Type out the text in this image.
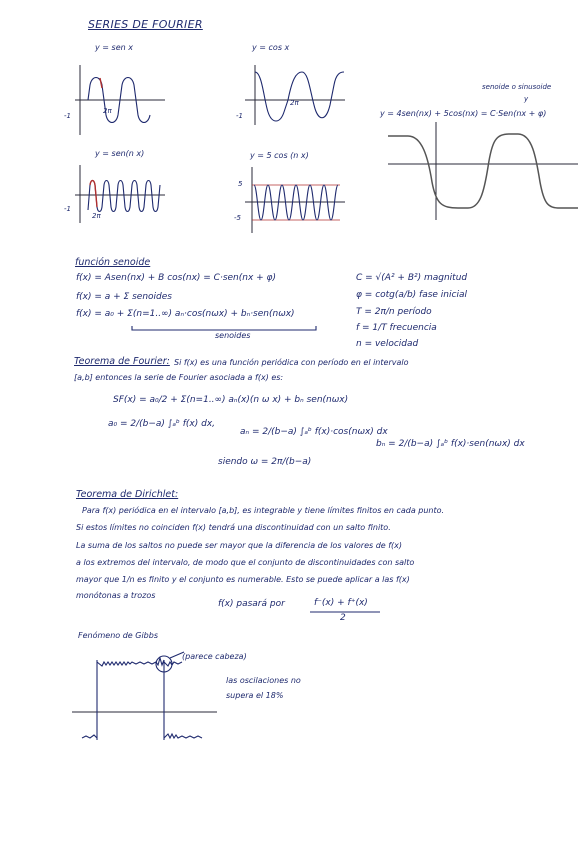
SERIES DE FOURIER
y = sen x
-1
2π
y = cos x
-1
2π
y = sen(n x)
-1
2π
y = 5 cos (n x)
5
-5
senoide o sinusoide
y
y = 4sen(nx) + 5cos(nx) = C·Sen(nx + φ)
función senoide
f(x) = Asen(nx) + B cos(nx) = C·sen(nx + φ)
f(x) = a + Σ senoides
f(x) = a₀ + Σ(n=1..∞) aₙ·cos(nωx) + bₙ·sen(nωx)
senoides
C = √(A² + B²) magnitud
φ = cotg(a/b) fase inicial
T = 2π/n período
f = 1/T frecuencia
n = velocidad
Teorema de Fourier: Si f(x) es una función periódica con período en el intervalo
[a,b] entonces la serie de Fourier asociada a f(x) es:
SF(x) = a₀/2 + Σ(n=1..∞) aₙ(x)(n ω x) + bₙ sen(nωx)
a₀ = 2/(b−a) ∫ₐᵇ f(x) dx,
aₙ = 2/(b−a) ∫ₐᵇ f(x)·cos(nωx) dx
bₙ = 2/(b−a) ∫ₐᵇ f(x)·sen(nωx) dx
siendo ω = 2π/(b−a)
Teorema de Dirichlet:
Para f(x) periódica en el intervalo [a,b], es integrable y tiene límites finitos en cada punto.
Si estos límites no coinciden f(x) tendrá una discontinuidad con un salto finito.
La suma de los saltos no puede ser mayor que la diferencia de los valores de f(x)
a los extremos del intervalo, de modo que el conjunto de discontinuidades con salto
mayor que 1/n es finito y el conjunto es numerable. Esto se puede aplicar a las f(x)
monótonas a trozos
f(x) pasará por	f⁻(x) + f⁺(x)
2
Fenómeno de Gibbs
(parece cabeza)
las oscilaciones no
supera el 18%
